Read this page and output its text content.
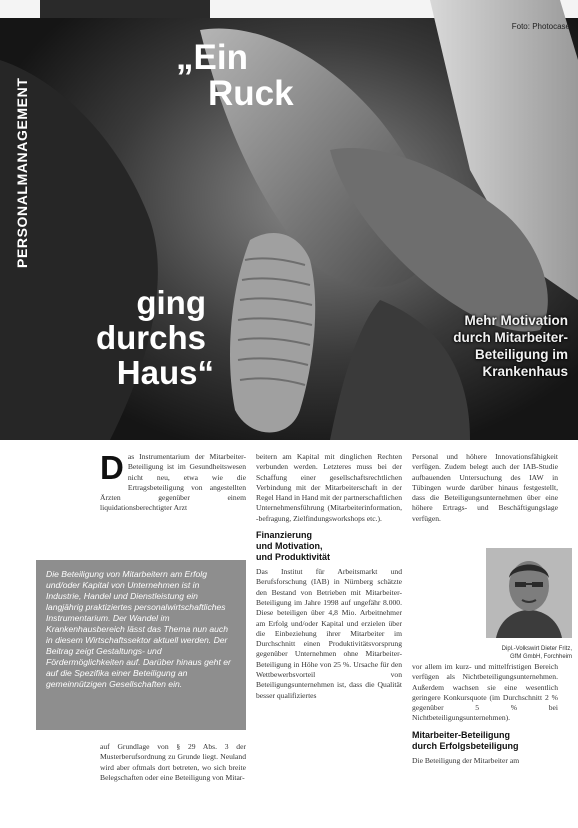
PERSONALMANAGEMENT
Foto: Photocase
„Ein
Ruck
ging
durchs
Haus“
Mehr Motivation
durch Mitarbeiter-
Beteiligung im
Krankenhaus
D as Instrumentarium der Mitarbeiter-Beteiligung ist im Gesundheitswesen nicht neu, etwa wie die Ertragsbeteiligung von angestellten Ärzten gegenüber einem liquidationsberechtigter Arzt

Die Beteiligung von Mitarbeitern am Erfolg und/oder Kapital von Unternehmen ist in Industrie, Handel und Dienstleistung ein langjährig praktiziertes personalwirtschaftliches Instrumentarium. Der Wandel im Krankenhausbereich lässt das Thema nun auch in diesem Wirtschaftssektor aktuell werden. Der Beitrag zeigt Gestaltungs- und Fördermöglichkeiten auf. Darüber hinaus geht er auf die Spezifika einer Beteiligung an gemeinnützigen Gesellschaften ein.

auf Grundlage von § 29 Abs. 3 der Musterberufsordnung zu Grunde liegt. Neuland wird aber oftmals dort betreten, wo sich breite Belegschaften oder eine Beteiligung von Mitar-

beitern am Kapital mit dinglichen Rechten verbunden werden. Letzteres muss bei der Schaffung einer gesellschaftsrechtlichen Verbindung mit der Mitarbeiterschaft in der Regel Hand in Hand mit der partnerschaftlichen Unternehmensführung (Mitarbeiterinformation, -befragung, Zielfindungsworkshops etc.).

Finanzierung
und Motivation,
und Produktivität

Das Institut für Arbeitsmarkt und Berufsforschung (IAB) in Nürnberg schätzte den Bestand von Betrieben mit Mitarbeiter-Beteiligung im Jahre 1998 auf ungefähr 8.000. Diese beteiligen über 4,8 Mio. Arbeitnehmer am Erfolg und/oder Kapital und erzielen über die Einbeziehung ihrer Mitarbeiter im Durchschnitt einen Produktivitätsvorsprung gegenüber Unternehmen ohne Mitarbeiter-Beteiligung in Höhe von 25 %. Ursache für den Wettbewerbsvorteil von Beteiligungsunternehmen ist, dass die Qualität besser qualifiziertes

Personal und höhere Innovationsfähigkeit verfügen. Zudem belegt auch der IAB-Studie aufbauenden Untersuchung des IAW in Tübingen wurde darüber hinaus festgestellt, dass die Beteiligungsunternehmen über eine höhere Ertrags- und Beschäftigungslage verfügen.

Dipl.-Volkswirt Dieter Fritz,
GfM GmbH, Forchheim

vor allem im kurz- und mittelfristigen Bereich verfügen als Nichtbeteiligungsunternehmen. Außerdem wachsen sie eine wesentlich geringere Konkursquote (im Durchschnitt 2 % gegenüber 5 % bei Nichtbeteiligungsunternehmen).

Mitarbeiter-Beteiligung
durch Erfolgsbeteiligung

Die Beteiligung der Mitarbeiter am
